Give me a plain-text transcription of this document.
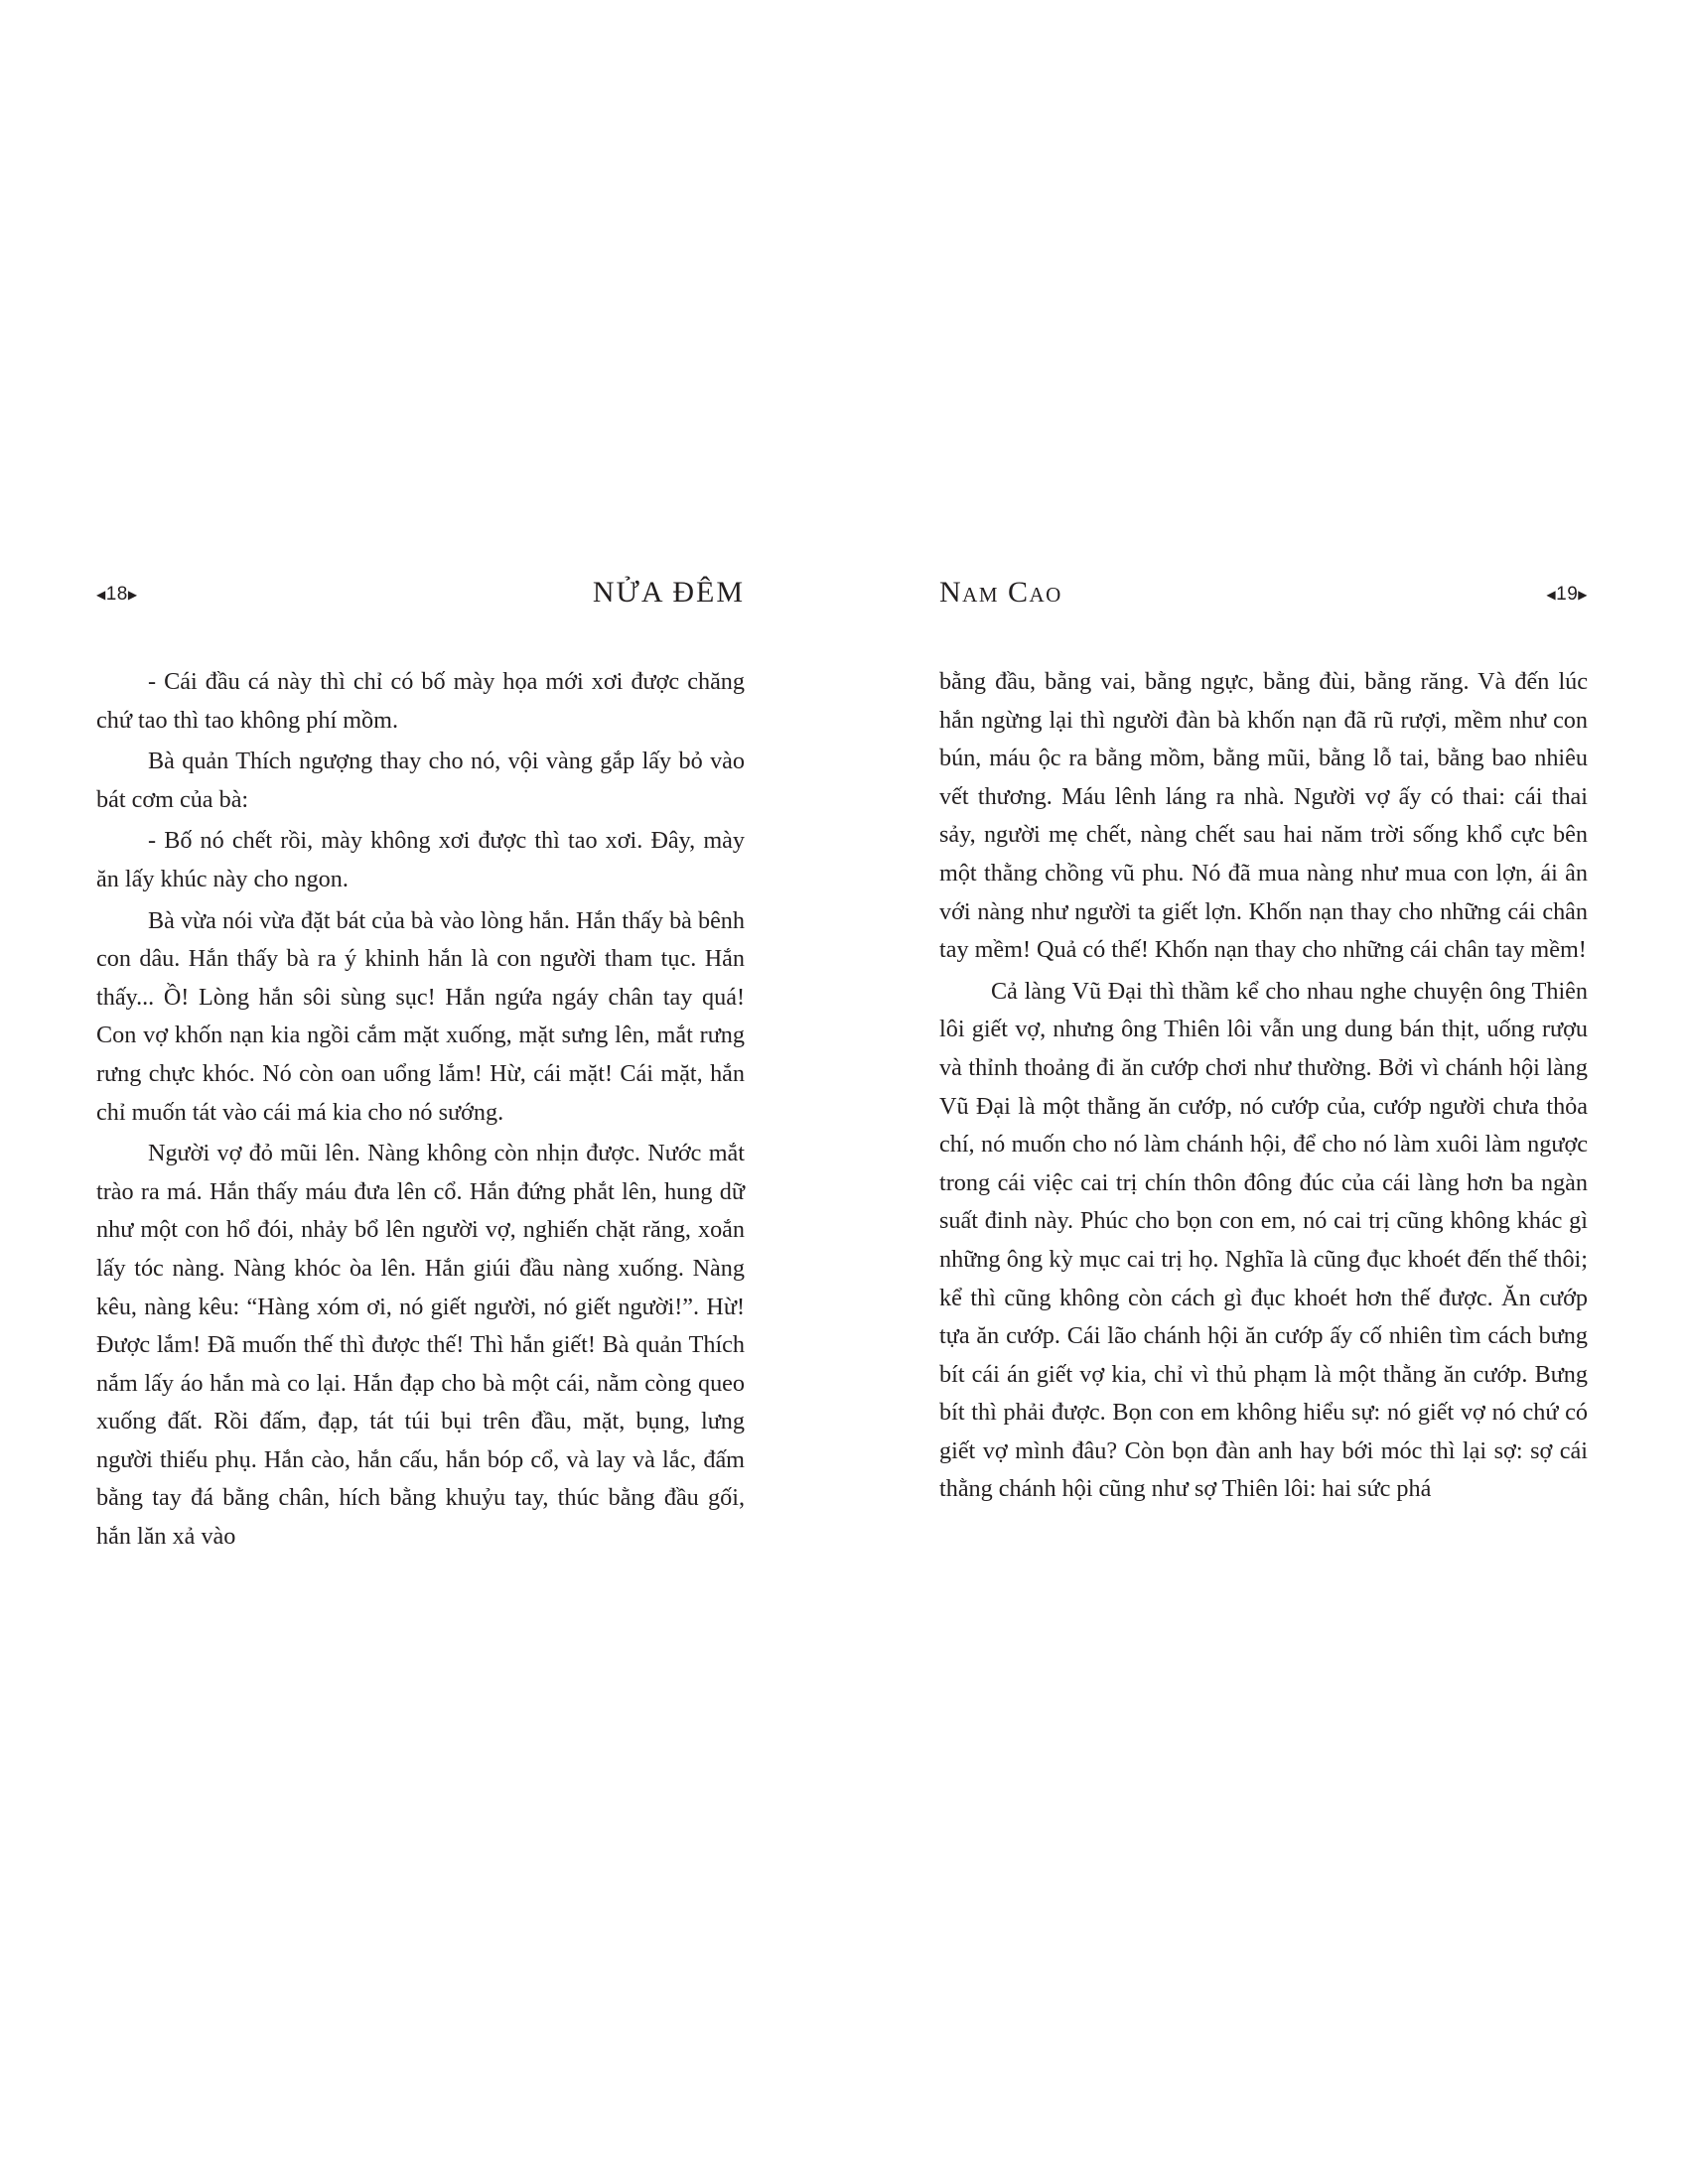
◀18▶	NỬA ĐÊM

- Cái đầu cá này thì chỉ có bố mày họa mới xơi được chăng chứ tao thì tao không phí mồm.

Bà quản Thích ngượng thay cho nó, vội vàng gắp lấy bỏ vào bát cơm của bà:

- Bố nó chết rồi, mày không xơi được thì tao xơi. Đây, mày ăn lấy khúc này cho ngon.

Bà vừa nói vừa đặt bát của bà vào lòng hắn. Hắn thấy bà bênh con dâu. Hắn thấy bà ra ý khinh hắn là con người tham tục. Hắn thấy... Ồ! Lòng hắn sôi sùng sục! Hắn ngứa ngáy chân tay quá! Con vợ khốn nạn kia ngồi cắm mặt xuống, mặt sưng lên, mắt rưng rưng chực khóc. Nó còn oan uổng lắm! Hừ, cái mặt! Cái mặt, hắn chỉ muốn tát vào cái má kia cho nó sướng.

Người vợ đỏ mũi lên. Nàng không còn nhịn được. Nước mắt trào ra má. Hắn thấy máu đưa lên cổ. Hắn đứng phắt lên, hung dữ như một con hổ đói, nhảy bổ lên người vợ, nghiến chặt răng, xoắn lấy tóc nàng. Nàng khóc òa lên. Hắn giúi đầu nàng xuống. Nàng kêu, nàng kêu: “Hàng xóm ơi, nó giết người, nó giết người!”. Hừ! Được lắm! Đã muốn thế thì được thế! Thì hắn giết! Bà quản Thích nắm lấy áo hắn mà co lại. Hắn đạp cho bà một cái, nằm còng queo xuống đất. Rồi đấm, đạp, tát túi bụi trên đầu, mặt, bụng, lưng người thiếu phụ. Hắn cào, hắn cấu, hắn bóp cổ, và lay và lắc, đấm bằng tay đá bằng chân, hích bằng khuỷu tay, thúc bằng đầu gối, hắn lăn xả vào

Nam Cao	◀19▶

bằng đầu, bằng vai, bằng ngực, bằng đùi, bằng răng. Và đến lúc hắn ngừng lại thì người đàn bà khốn nạn đã rũ rượi, mềm như con bún, máu ộc ra bằng mồm, bằng mũi, bằng lỗ tai, bằng bao nhiêu vết thương. Máu lênh láng ra nhà. Người vợ ấy có thai: cái thai sảy, người mẹ chết, nàng chết sau hai năm trời sống khổ cực bên một thằng chồng vũ phu. Nó đã mua nàng như mua con lợn, ái ân với nàng như người ta giết lợn. Khốn nạn thay cho những cái chân tay mềm! Quả có thế! Khốn nạn thay cho những cái chân tay mềm!

Cả làng Vũ Đại thì thầm kể cho nhau nghe chuyện ông Thiên lôi giết vợ, nhưng ông Thiên lôi vẫn ung dung bán thịt, uống rượu và thỉnh thoảng đi ăn cướp chơi như thường. Bởi vì chánh hội làng Vũ Đại là một thằng ăn cướp, nó cướp của, cướp người chưa thỏa chí, nó muốn cho nó làm chánh hội, để cho nó làm xuôi làm ngược trong cái việc cai trị chín thôn đông đúc của cái làng hơn ba ngàn suất đinh này. Phúc cho bọn con em, nó cai trị cũng không khác gì những ông kỳ mục cai trị họ. Nghĩa là cũng đục khoét đến thế thôi; kể thì cũng không còn cách gì đục khoét hơn thế được. Ăn cướp tựa ăn cướp. Cái lão chánh hội ăn cướp ấy cố nhiên tìm cách bưng bít cái án giết vợ kia, chỉ vì thủ phạm là một thằng ăn cướp. Bưng bít thì phải được. Bọn con em không hiểu sự: nó giết vợ nó chứ có giết vợ mình đâu? Còn bọn đàn anh hay bới móc thì lại sợ: sợ cái thằng chánh hội cũng như sợ Thiên lôi: hai sức phá
